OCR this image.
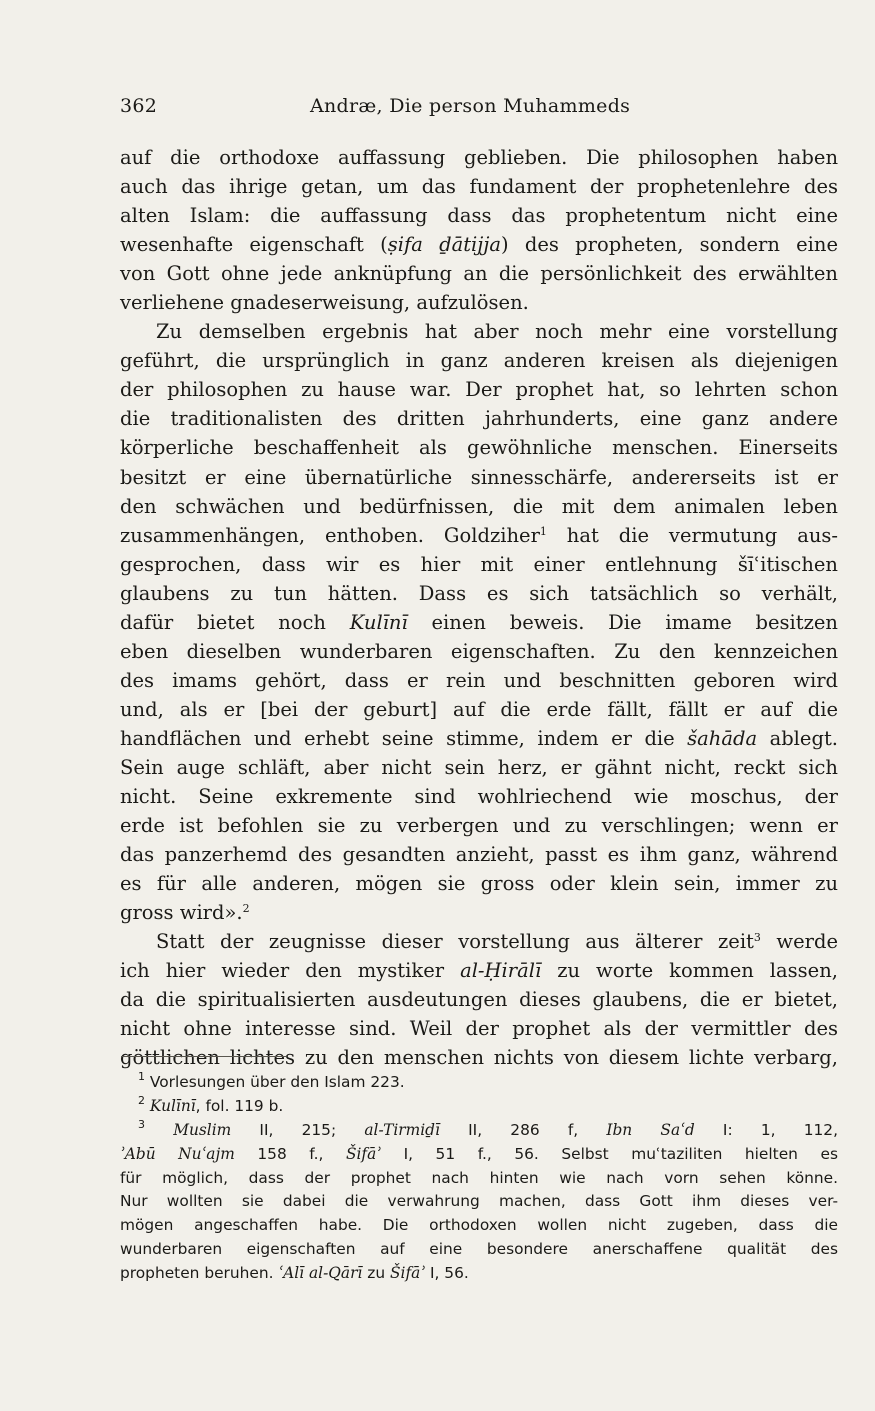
362	Andræ, Die person Muhammeds
auf die orthodoxe auffassung geblieben. Die philosophen haben
auch das ihrige getan, um das fundament der prophetenlehre des
alten Islam: die auffassung dass das prophetentum nicht eine
wesenhafte eigenschaft (ṣifa ḏātijja) des propheten, sondern eine
von Gott ohne jede anknüpfung an die persönlichkeit des erwählten
verliehene gnadeserweisung, aufzulösen.
Zu demselben ergebnis hat aber noch mehr eine vorstellung
geführt, die ursprünglich in ganz anderen kreisen als diejenigen
der philosophen zu hause war. Der prophet hat, so lehrten schon
die traditionalisten des dritten jahrhunderts, eine ganz andere
körperliche beschaffenheit als gewöhnliche menschen. Einerseits
besitzt er eine übernatürliche sinnesschärfe, andererseits ist er
den schwächen und bedürfnissen, die mit dem animalen leben
zusammenhängen, enthoben. Goldziher$^1$ hat die vermutung aus-
gesprochen, dass wir es hier mit einer entlehnung šīʿitischen
glaubens zu tun hätten. Dass es sich tatsächlich so verhält,
dafür bietet noch Kulīnī einen beweis. Die imame besitzen
eben dieselben wunderbaren eigenschaften. Zu den kennzeichen
des imams gehört, dass er rein und beschnitten geboren wird
und, als er [bei der geburt] auf die erde fällt, fällt er auf die
handflächen und erhebt seine stimme, indem er die šahāda ablegt.
Sein auge schläft, aber nicht sein herz, er gähnt nicht, reckt sich
nicht. Seine exkremente sind wohlriechend wie moschus, der
erde ist befohlen sie zu verbergen und zu verschlingen; wenn er
das panzerhemd des gesandten anzieht, passt es ihm ganz, während
es für alle anderen, mögen sie gross oder klein sein, immer zu
gross wird».$^2$
Statt der zeugnisse dieser vorstellung aus älterer zeit$^3$ werde
ich hier wieder den mystiker al-Ḥirālī zu worte kommen lassen,
da die spiritualisierten ausdeutungen dieses glaubens, die er bietet,
nicht ohne interesse sind. Weil der prophet als der vermittler des
göttlichen lichtes zu den menschen nichts von diesem lichte verbarg,
$^1$ Vorlesungen über den Islam 223.
$^2$ Kulīnī, fol. 119 b.
$^3$ Muslim II, 215; al-Tirmiḏī II, 286 f, Ibn Saʿd I: 1, 112,
ʾAbū Nuʿajm 158 f., Šifāʾ I, 51 f., 56. Selbst muʿtaziliten hielten es
für möglich, dass der prophet nach hinten wie nach vorn sehen könne.
Nur wollten sie dabei die verwahrung machen, dass Gott ihm dieses ver-
mögen angeschaffen habe. Die orthodoxen wollen nicht zugeben, dass die
wunderbaren eigenschaften auf eine besondere anerschaffene qualität des
propheten beruhen. ʿAlī al-Qārī zu Šifāʾ I, 56.
